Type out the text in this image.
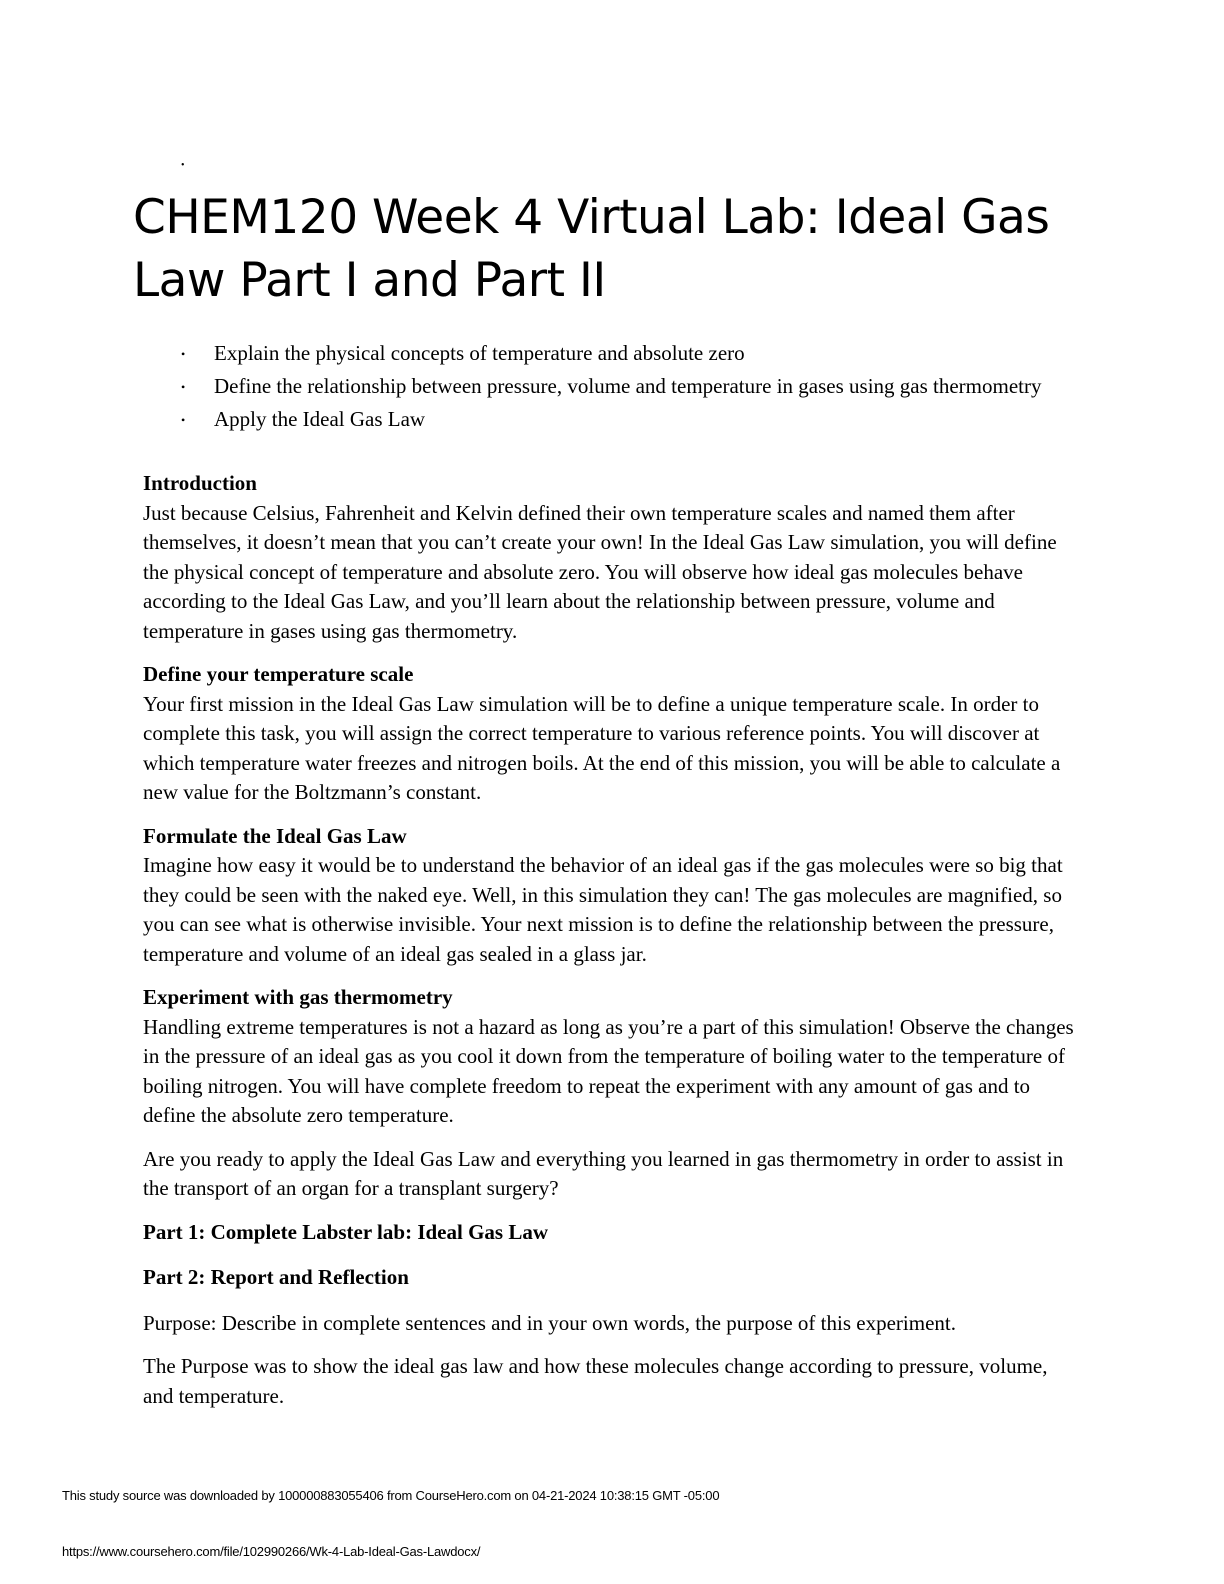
•
CHEM120 Week 4 Virtual Lab: Ideal Gas Law Part I and Part II
• Explain the physical concepts of temperature and absolute zero
• Define the relationship between pressure, volume and temperature in gases using gas thermometry
• Apply the Ideal Gas Law
Introduction

Just because Celsius, Fahrenheit and Kelvin defined their own temperature scales and named them after themselves, it doesn’t mean that you can’t create your own! In the Ideal Gas Law simulation, you will define the physical concept of temperature and absolute zero. You will observe how ideal gas molecules behave according to the Ideal Gas Law, and you’ll learn about the relationship between pressure, volume and temperature in gases using gas thermometry.

Define your temperature scale

Your first mission in the Ideal Gas Law simulation will be to define a unique temperature scale. In order to complete this task, you will assign the correct temperature to various reference points. You will discover at which temperature water freezes and nitrogen boils. At the end of this mission, you will be able to calculate a new value for the Boltzmann’s constant.

Formulate the Ideal Gas Law

Imagine how easy it would be to understand the behavior of an ideal gas if the gas molecules were so big that they could be seen with the naked eye. Well, in this simulation they can! The gas molecules are magnified, so you can see what is otherwise invisible. Your next mission is to define the relationship between the pressure, temperature and volume of an ideal gas sealed in a glass jar.

Experiment with gas thermometry

Handling extreme temperatures is not a hazard as long as you’re a part of this simulation! Observe the changes in the pressure of an ideal gas as you cool it down from the temperature of boiling water to the temperature of boiling nitrogen. You will have complete freedom to repeat the experiment with any amount of gas and to define the absolute zero temperature.

Are you ready to apply the Ideal Gas Law and everything you learned in gas thermometry in order to assist in the transport of an organ for a transplant surgery?

Part 1: Complete Labster lab: Ideal Gas Law

Part 2: Report and Reflection

Purpose: Describe in complete sentences and in your own words, the purpose of this experiment.

The Purpose was to show the ideal gas law and how these molecules change according to pressure, volume, and temperature.

This study source was downloaded by 100000883055406 from CourseHero.com on 04-21-2024 10:38:15 GMT -05:00
https://www.coursehero.com/file/102990266/Wk-4-Lab-Ideal-Gas-Lawdocx/
